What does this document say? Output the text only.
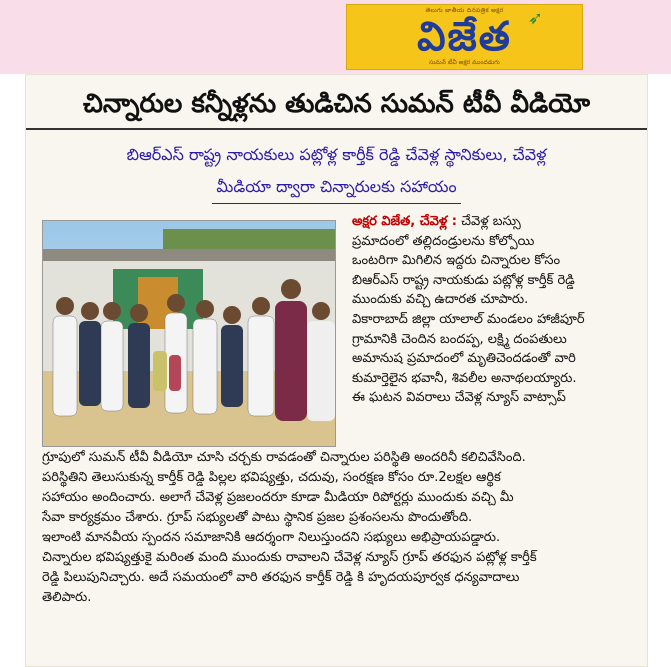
తెలుగు జాతీయ దినపత్రిక అక్షర
విజేత ➶
సుమన్ టీవీ అక్షర ముందడుగు
చిన్నారుల కన్నీళ్లను తుడిచిన సుమన్ టీవీ వీడియో
బిఆర్ఎస్ రాష్ట్ర నాయకులు పట్లోళ్ల కార్తీక్ రెడ్డి చేవెళ్ల స్థానికులు, చేవెళ్ల
మీడియా ద్వారా చిన్నారులకు సహాయం
అక్షర విజేత, చేవెళ్ల : చేవెళ్ల బస్సు
ప్రమాదంలో తల్లిదండ్రులను కోల్పోయి
ఒంటరిగా మిగిలిన ఇద్దరు చిన్నారుల కోసం
బిఆర్ఎస్ రాష్ట్ర నాయకుడు పట్లోళ్ల కార్తీక్ రెడ్డి
ముందుకు వచ్చి ఉదారత చూపారు.
వికారాబాద్ జిల్లా యాలాల్ మండలం హాజీపూర్
గ్రామానికి చెందిన బందప్ప, లక్ష్మి దంపతులు
అమానుష ప్రమాదంలో మృతిచెందడంతో వారి
కుమార్తెలైన భవానీ, శివలీల అనాథలయ్యారు.
ఈ ఘటన వివరాలు చేవెళ్ల న్యూస్ వాట్సాప్
గ్రూపులో సుమన్ టీవీ వీడియో చూసి చర్చకు రావడంతో చిన్నారుల పరిస్థితి అందరినీ కలిచివేసింది.
పరిస్థితిని తెలుసుకున్న కార్తీక్ రెడ్డి పిల్లల భవిష్యత్తు, చదువు, సంరక్షణ కోసం రూ.2లక్షల ఆర్థిక
సహాయం అందించారు. అలాగే చేవెళ్ల ప్రజలందరూ కూడా మీడియా రిపోర్టర్లు ముందుకు వచ్చి మీ
సేవా కార్యక్రమం చేశారు. గ్రూప్ సభ్యులతో పాటు స్థానిక ప్రజల ప్రశంసలను పొందుతోంది.
ఇలాంటి మానవీయ స్పందన సమాజానికి ఆదర్శంగా నిలుస్తుందని సభ్యులు అభిప్రాయపడ్డారు.
చిన్నారుల భవిష్యత్తుకై మరింత మంది ముందుకు రావాలని చేవెళ్ల న్యూస్ గ్రూప్ తరఫున పట్లోళ్ల కార్తీక్
రెడ్డి పిలుపునిచ్చారు. అదే సమయంలో వారి తరఫున కార్తీక్ రెడ్డి కి హృదయపూర్వక ధన్యవాదాలు
తెలిపారు.
